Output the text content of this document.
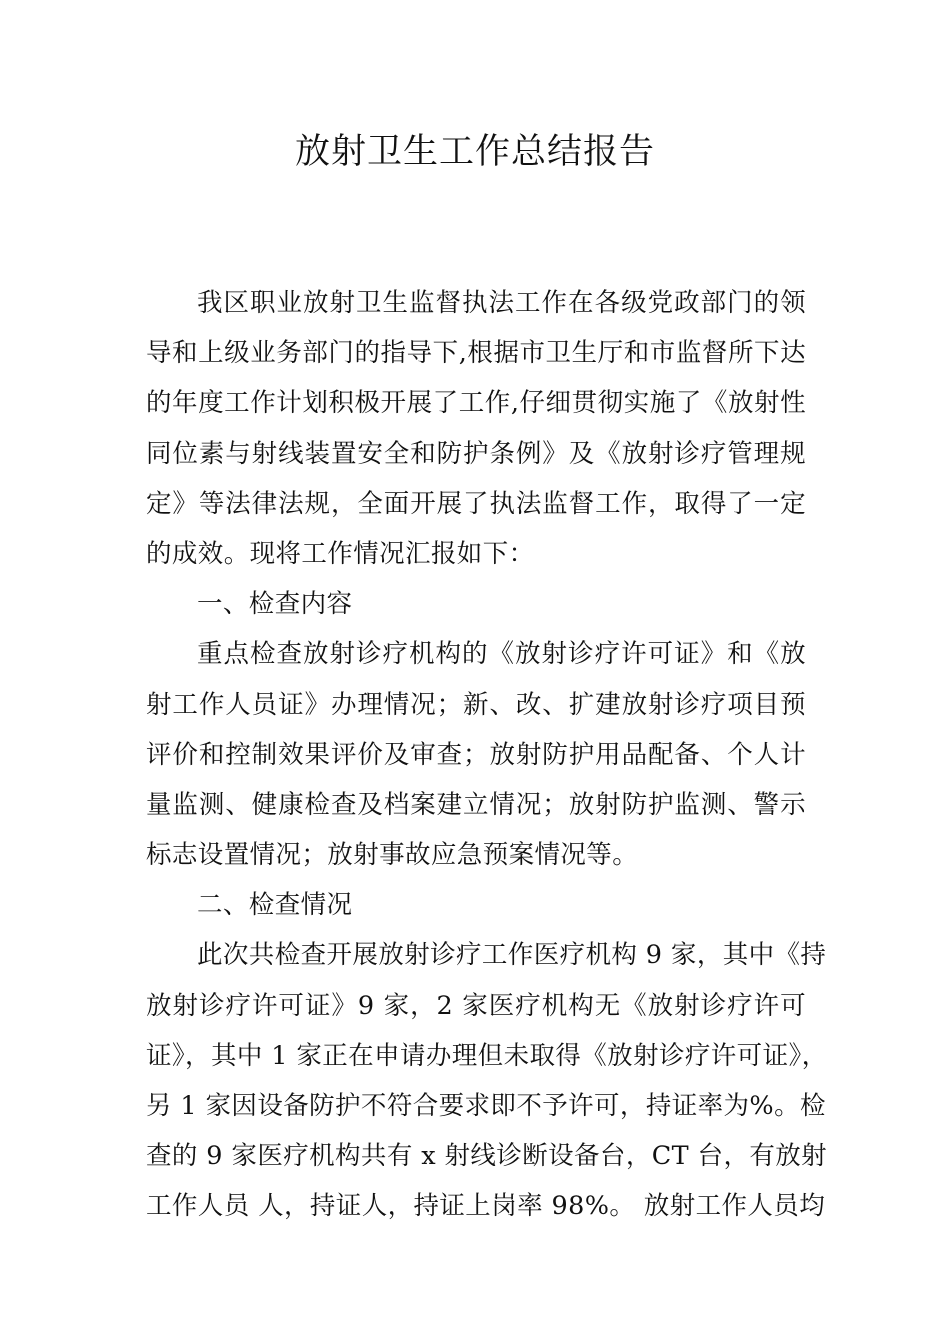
放射卫生工作总结报告
我区职业放射卫生监督执法工作在各级党政部门的领
导和上级业务部门的指导下,根据市卫生厅和市监督所下达
的年度工作计划积极开展了工作,仔细贯彻实施了《放射性
同位素与射线装置安全和防护条例》及《放射诊疗管理规
定》等法律法规，全面开展了执法监督工作，取得了一定
的成效。现将工作情况汇报如下：
一、检查内容
重点检查放射诊疗机构的《放射诊疗许可证》和《放
射工作人员证》办理情况；新、改、扩建放射诊疗项目预
评价和控制效果评价及审查；放射防护用品配备、个人计
量监测、健康检查及档案建立情况；放射防护监测、警示
标志设置情况；放射事故应急预案情况等。
二、检查情况
此次共检查开展放射诊疗工作医疗机构 9 家，其中《持
放射诊疗许可证》9 家，2 家医疗机构无《放射诊疗许可
证》，其中 1 家正在申请办理但未取得《放射诊疗许可证》，
另 1 家因设备防护不符合要求即不予许可，持证率为%。检
查的 9 家医疗机构共有 x 射线诊断设备台，CT 台，有放射
工作人员 人，持证人，持证上岗率 98%。 放射工作人员均
